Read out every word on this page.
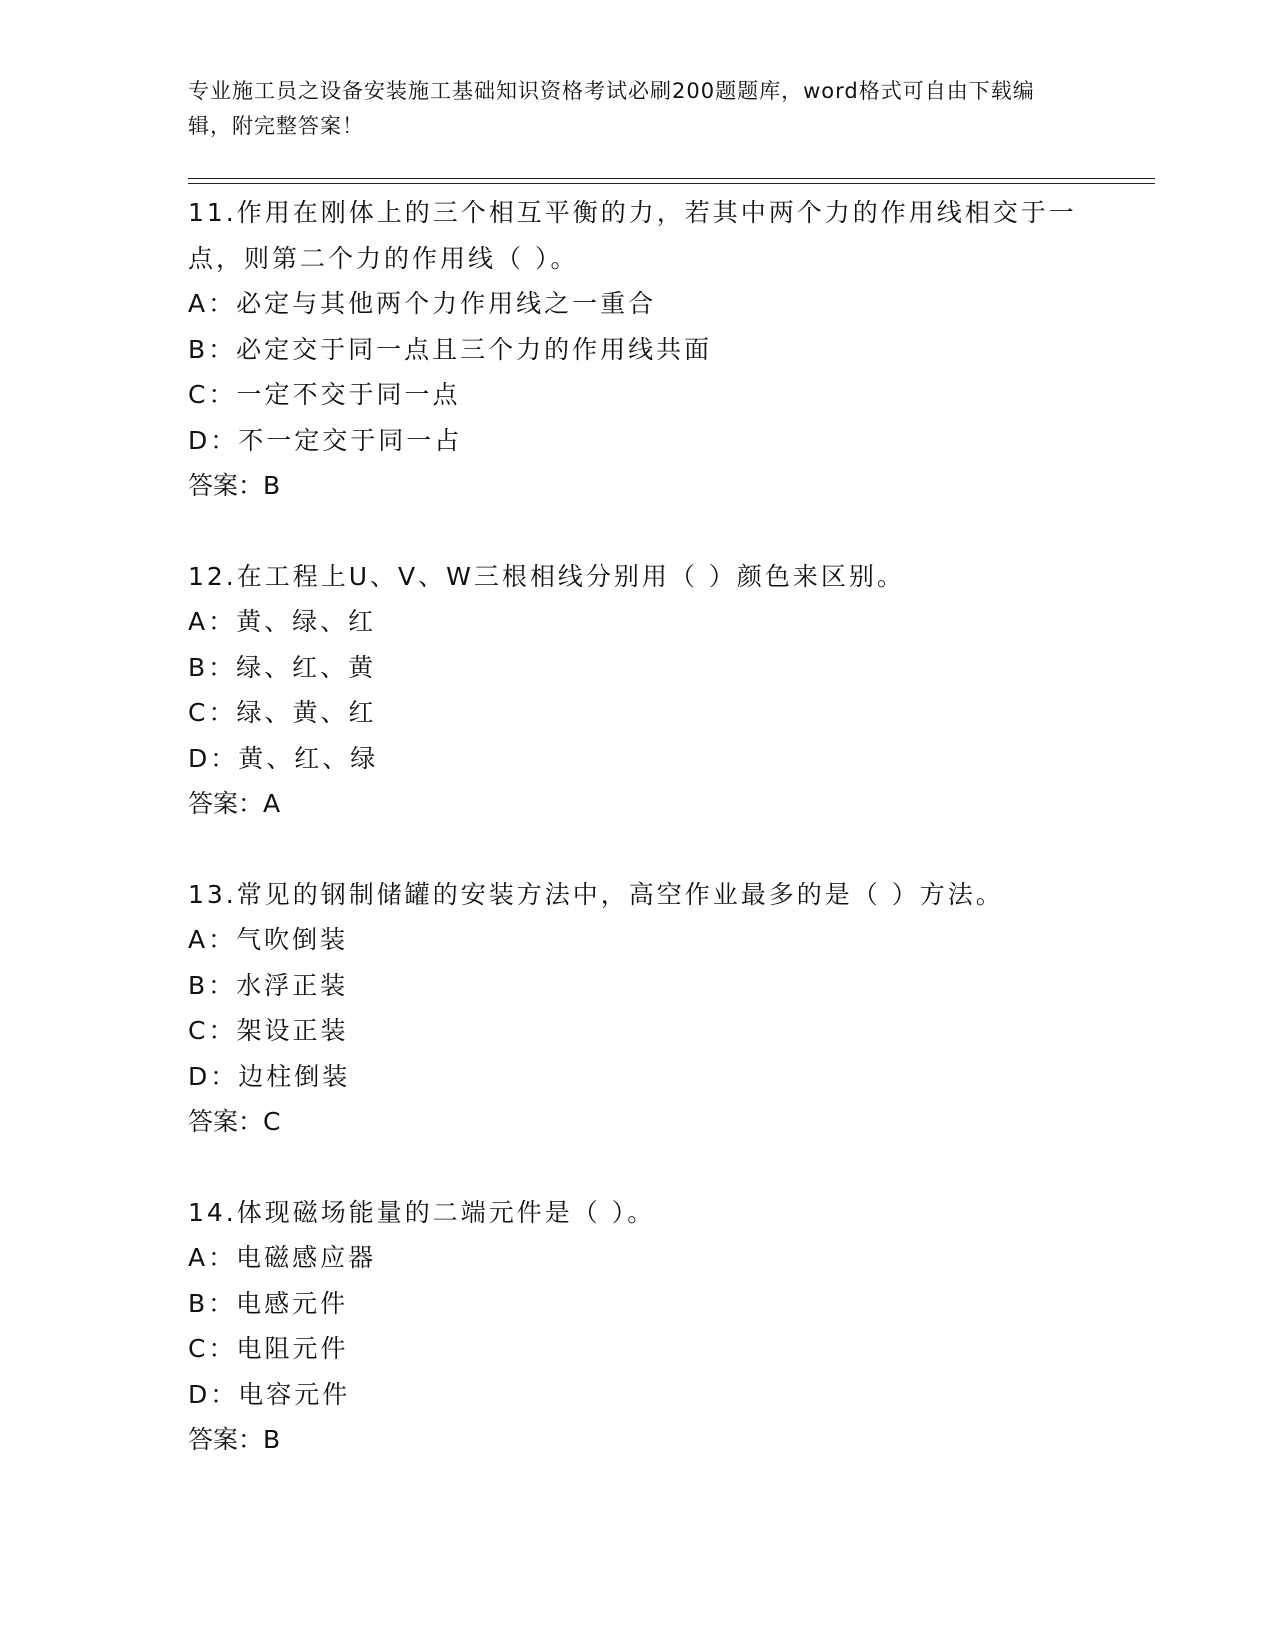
专业施工员之设备安装施工基础知识资格考试必刷200题题库，word格式可自由下载编辑，附完整答案！
11.作用在刚体上的三个相互平衡的力，若其中两个力的作用线相交于一点，则第二个力的作用线（ ）。
A：必定与其他两个力作用线之一重合
B：必定交于同一点且三个力的作用线共面
C：一定不交于同一点
D：不一定交于同一占
答案：B
12.在工程上U、V、W三根相线分别用（ ）颜色来区别。
A：黄、绿、红
B：绿、红、黄
C：绿、黄、红
D：黄、红、绿
答案：A
13.常见的钢制储罐的安装方法中，高空作业最多的是（ ）方法。
A：气吹倒装
B：水浮正装
C：架设正装
D：边柱倒装
答案：C
14.体现磁场能量的二端元件是（ ）。
A：电磁感应器
B：电感元件
C：电阻元件
D：电容元件
答案：B
